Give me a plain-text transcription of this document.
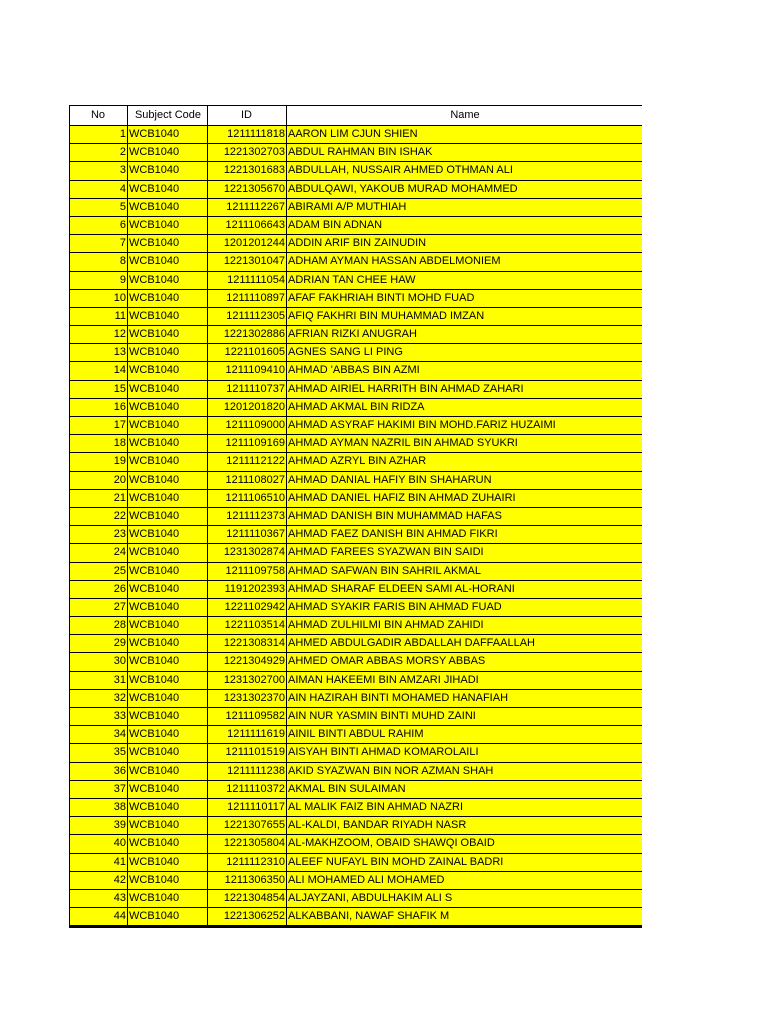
No	Subject Code	ID	Name
1 WCB1040	1211111818 AARON LIM CJUN SHIEN
2 WCB1040	1221302703 ABDUL RAHMAN BIN ISHAK
3 WCB1040	1221301683 ABDULLAH, NUSSAIR AHMED OTHMAN ALI
4 WCB1040	1221305670 ABDULQAWI, YAKOUB MURAD MOHAMMED
5 WCB1040	1211112267 ABIRAMI A/P MUTHIAH
6 WCB1040	1211106643 ADAM BIN ADNAN
7 WCB1040	1201201244 ADDIN ARIF BIN ZAINUDIN
8 WCB1040	1221301047 ADHAM AYMAN HASSAN ABDELMONIEM
9 WCB1040	1211111054 ADRIAN TAN CHEE HAW
10 WCB1040	1211110897 AFAF FAKHRIAH BINTI MOHD FUAD
11 WCB1040	1211112305 AFIQ FAKHRI BIN MUHAMMAD IMZAN
12 WCB1040	1221302886 AFRIAN RIZKI ANUGRAH
13 WCB1040	1221101605 AGNES SANG LI PING
14 WCB1040	1211109410 AHMAD 'ABBAS BIN AZMI
15 WCB1040	1211110737 AHMAD AIRIEL HARRITH BIN AHMAD ZAHARI
16 WCB1040	1201201820 AHMAD AKMAL BIN RIDZA
17 WCB1040	1211109000 AHMAD ASYRAF HAKIMI BIN MOHD.FARIZ HUZAIMI
18 WCB1040	1211109169 AHMAD AYMAN NAZRIL BIN AHMAD SYUKRI
19 WCB1040	1211112122 AHMAD AZRYL BIN AZHAR
20 WCB1040	1211108027 AHMAD DANIAL HAFIY BIN SHAHARUN
21 WCB1040	1211106510 AHMAD DANIEL HAFIZ BIN AHMAD ZUHAIRI
22 WCB1040	1211112373 AHMAD DANISH BIN MUHAMMAD HAFAS
23 WCB1040	1211110367 AHMAD FAEZ DANISH BIN AHMAD FIKRI
24 WCB1040	1231302874 AHMAD FAREES SYAZWAN BIN SAIDI
25 WCB1040	1211109758 AHMAD SAFWAN BIN SAHRIL AKMAL
26 WCB1040	1191202393 AHMAD SHARAF ELDEEN SAMI AL-HORANI
27 WCB1040	1221102942 AHMAD SYAKIR FARIS BIN AHMAD FUAD
28 WCB1040	1221103514 AHMAD ZULHILMI BIN AHMAD ZAHIDI
29 WCB1040	1221308314 AHMED ABDULGADIR ABDALLAH DAFFAALLAH
30 WCB1040	1221304929 AHMED OMAR ABBAS MORSY ABBAS
31 WCB1040	1231302700 AIMAN HAKEEMI BIN AMZARI JIHADI
32 WCB1040	1231302370 AIN HAZIRAH BINTI MOHAMED HANAFIAH
33 WCB1040	1211109582 AIN NUR YASMIN BINTI MUHD ZAINI
34 WCB1040	1211111619 AINIL BINTI ABDUL RAHIM
35 WCB1040	1211101519 AISYAH BINTI AHMAD KOMAROLAILI
36 WCB1040	1211111238 AKID SYAZWAN BIN NOR AZMAN SHAH
37 WCB1040	1211110372 AKMAL BIN SULAIMAN
38 WCB1040	1211110117 AL MALIK FAIZ BIN AHMAD NAZRI
39 WCB1040	1221307655 AL-KALDI, BANDAR RIYADH NASR
40 WCB1040	1221305804 AL-MAKHZOOM, OBAID SHAWQI OBAID
41 WCB1040	1211112310 ALEEF NUFAYL BIN MOHD ZAINAL BADRI
42 WCB1040	1211306350 ALI MOHAMED ALI MOHAMED
43 WCB1040	1221304854 ALJAYZANI, ABDULHAKIM ALI S
44 WCB1040	1221306252 ALKABBANI, NAWAF SHAFIK M
